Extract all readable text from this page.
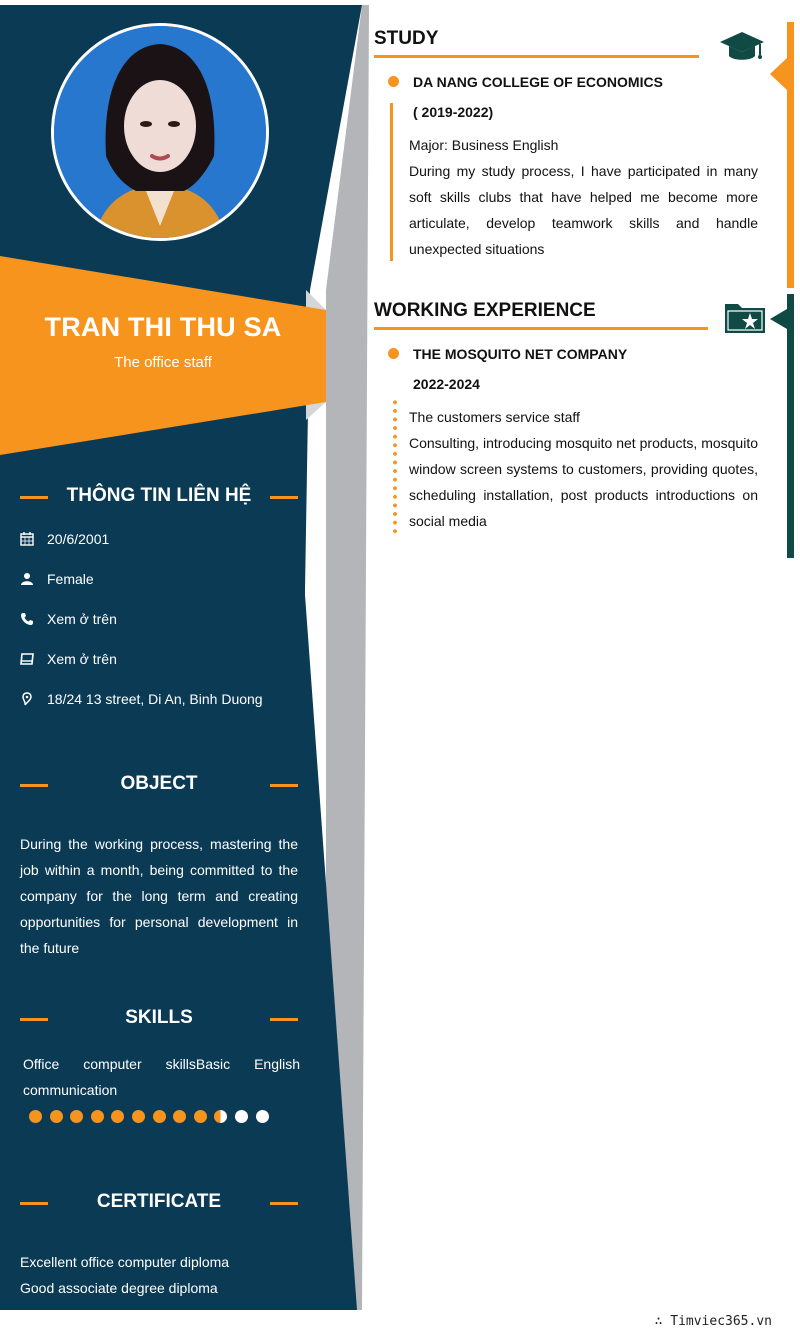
TRAN THI THU SA
The office staff
THÔNG TIN LIÊN HỆ
20/6/2001
Female
Xem ở trên
Xem ở trên
18/24 13 street, Di An, Binh Duong
OBJECT
During the working process, mastering the job within a month, being committed to the company for the long term and creating opportunities for personal development in the future
SKILLS
Office computer skillsBasic English communication
CERTIFICATE
Excellent office computer diploma
Good associate degree diploma
STUDY
DA NANG COLLEGE OF ECONOMICS
( 2019-2022)
Major: Business English
During my study process, I have participated in many soft skills clubs that have helped me become more articulate, develop teamwork skills and handle unexpected situations
WORKING EXPERIENCE
THE MOSQUITO NET COMPANY
2022-2024
The customers service staff
Consulting, introducing mosquito net products, mosquito window screen systems to customers, providing quotes, scheduling installation, post products introductions on social media
∴ Timviec365.vn
